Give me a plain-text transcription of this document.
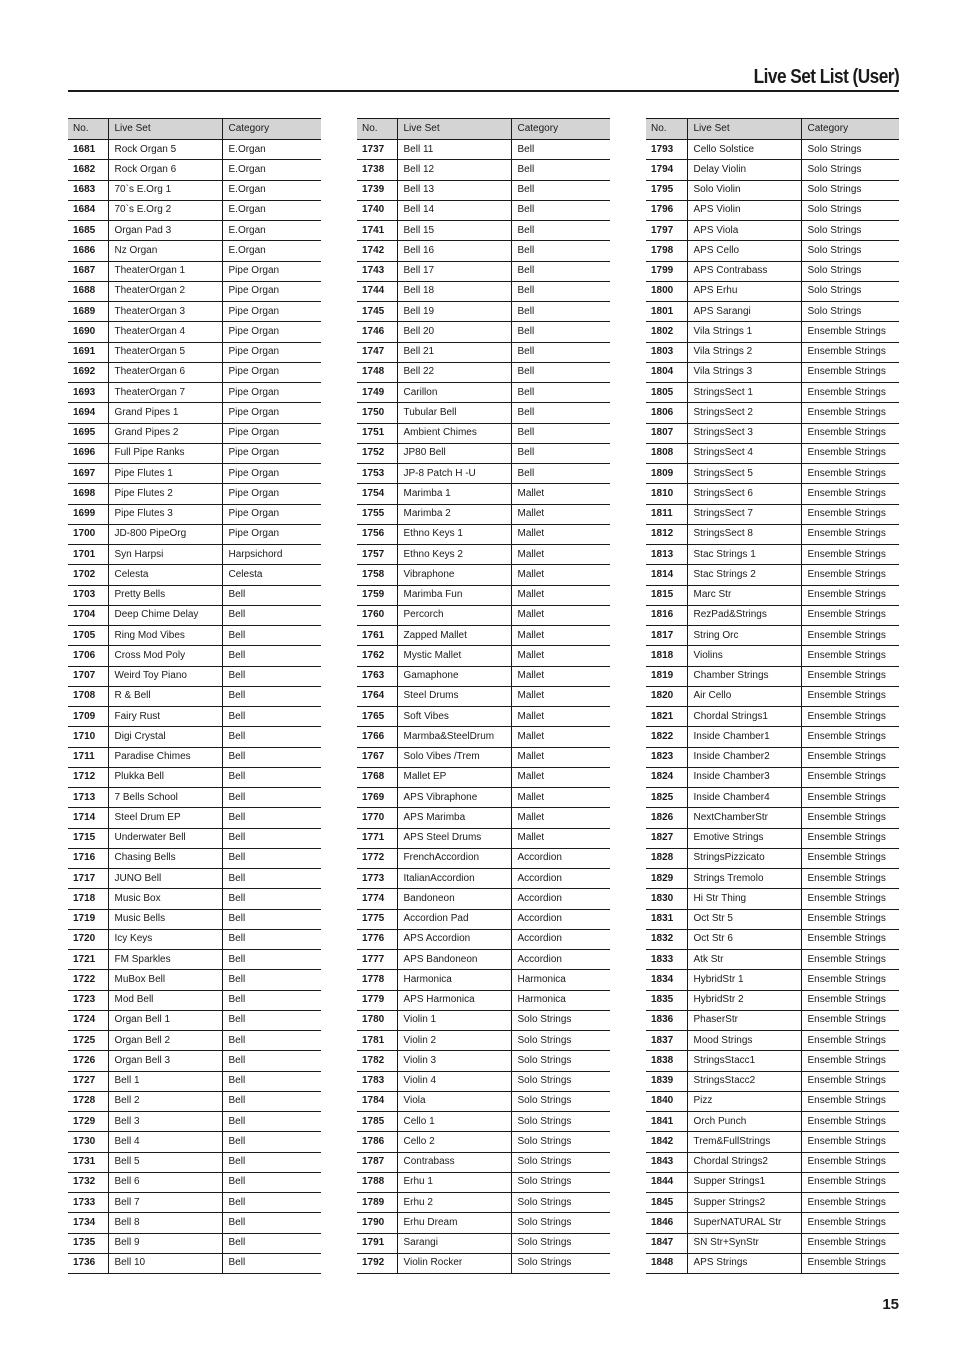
Live Set List (User)
No.	Live Set	Category
1681	Rock Organ 5	E.Organ
1682	Rock Organ 6	E.Organ
1683	70`s E.Org 1	E.Organ
1684	70`s E.Org 2	E.Organ
1685	Organ Pad 3	E.Organ
1686	Nz Organ	E.Organ
1687	TheaterOrgan 1	Pipe Organ
1688	TheaterOrgan 2	Pipe Organ
1689	TheaterOrgan 3	Pipe Organ
1690	TheaterOrgan 4	Pipe Organ
1691	TheaterOrgan 5	Pipe Organ
1692	TheaterOrgan 6	Pipe Organ
1693	TheaterOrgan 7	Pipe Organ
1694	Grand Pipes 1	Pipe Organ
1695	Grand Pipes 2	Pipe Organ
1696	Full Pipe Ranks	Pipe Organ
1697	Pipe Flutes 1	Pipe Organ
1698	Pipe Flutes 2	Pipe Organ
1699	Pipe Flutes 3	Pipe Organ
1700	JD-800 PipeOrg	Pipe Organ
1701	Syn Harpsi	Harpsichord
1702	Celesta	Celesta
1703	Pretty Bells	Bell
1704	Deep Chime Delay	Bell
1705	Ring Mod Vibes	Bell
1706	Cross Mod Poly	Bell
1707	Weird Toy Piano	Bell
1708	R & Bell	Bell
1709	Fairy Rust	Bell
1710	Digi Crystal	Bell
1711	Paradise Chimes	Bell
1712	Plukka Bell	Bell
1713	7 Bells School	Bell
1714	Steel Drum EP	Bell
1715	Underwater Bell	Bell
1716	Chasing Bells	Bell
1717	JUNO Bell	Bell
1718	Music Box	Bell
1719	Music Bells	Bell
1720	Icy Keys	Bell
1721	FM Sparkles	Bell
1722	MuBox Bell	Bell
1723	Mod Bell	Bell
1724	Organ Bell 1	Bell
1725	Organ Bell 2	Bell
1726	Organ Bell 3	Bell
1727	Bell 1	Bell
1728	Bell 2	Bell
1729	Bell 3	Bell
1730	Bell 4	Bell
1731	Bell 5	Bell
1732	Bell 6	Bell
1733	Bell 7	Bell
1734	Bell 8	Bell
1735	Bell 9	Bell
1736	Bell 10	Bell
No.	Live Set	Category
1737	Bell 11	Bell
1738	Bell 12	Bell
1739	Bell 13	Bell
1740	Bell 14	Bell
1741	Bell 15	Bell
1742	Bell 16	Bell
1743	Bell 17	Bell
1744	Bell 18	Bell
1745	Bell 19	Bell
1746	Bell 20	Bell
1747	Bell 21	Bell
1748	Bell 22	Bell
1749	Carillon	Bell
1750	Tubular Bell	Bell
1751	Ambient Chimes	Bell
1752	JP80 Bell	Bell
1753	JP-8 Patch H -U	Bell
1754	Marimba 1	Mallet
1755	Marimba 2	Mallet
1756	Ethno Keys 1	Mallet
1757	Ethno Keys 2	Mallet
1758	Vibraphone	Mallet
1759	Marimba Fun	Mallet
1760	Percorch	Mallet
1761	Zapped Mallet	Mallet
1762	Mystic Mallet	Mallet
1763	Gamaphone	Mallet
1764	Steel Drums	Mallet
1765	Soft Vibes	Mallet
1766	Marmba&SteelDrum	Mallet
1767	Solo Vibes /Trem	Mallet
1768	Mallet EP	Mallet
1769	APS Vibraphone	Mallet
1770	APS Marimba	Mallet
1771	APS Steel Drums	Mallet
1772	FrenchAccordion	Accordion
1773	ItalianAccordion	Accordion
1774	Bandoneon	Accordion
1775	Accordion Pad	Accordion
1776	APS Accordion	Accordion
1777	APS Bandoneon	Accordion
1778	Harmonica	Harmonica
1779	APS Harmonica	Harmonica
1780	Violin 1	Solo Strings
1781	Violin 2	Solo Strings
1782	Violin 3	Solo Strings
1783	Violin 4	Solo Strings
1784	Viola	Solo Strings
1785	Cello 1	Solo Strings
1786	Cello 2	Solo Strings
1787	Contrabass	Solo Strings
1788	Erhu 1	Solo Strings
1789	Erhu 2	Solo Strings
1790	Erhu Dream	Solo Strings
1791	Sarangi	Solo Strings
1792	Violin Rocker	Solo Strings
No.	Live Set	Category
1793	Cello Solstice	Solo Strings
1794	Delay Violin	Solo Strings
1795	Solo Violin	Solo Strings
1796	APS Violin	Solo Strings
1797	APS Viola	Solo Strings
1798	APS Cello	Solo Strings
1799	APS Contrabass	Solo Strings
1800	APS Erhu	Solo Strings
1801	APS Sarangi	Solo Strings
1802	Vila Strings 1	Ensemble Strings
1803	Vila Strings 2	Ensemble Strings
1804	Vila Strings 3	Ensemble Strings
1805	StringsSect 1	Ensemble Strings
1806	StringsSect 2	Ensemble Strings
1807	StringsSect 3	Ensemble Strings
1808	StringsSect 4	Ensemble Strings
1809	StringsSect 5	Ensemble Strings
1810	StringsSect 6	Ensemble Strings
1811	StringsSect 7	Ensemble Strings
1812	StringsSect 8	Ensemble Strings
1813	Stac Strings 1	Ensemble Strings
1814	Stac Strings 2	Ensemble Strings
1815	Marc Str	Ensemble Strings
1816	RezPad&Strings	Ensemble Strings
1817	String Orc	Ensemble Strings
1818	Violins	Ensemble Strings
1819	Chamber Strings	Ensemble Strings
1820	Air Cello	Ensemble Strings
1821	Chordal Strings1	Ensemble Strings
1822	Inside Chamber1	Ensemble Strings
1823	Inside Chamber2	Ensemble Strings
1824	Inside Chamber3	Ensemble Strings
1825	Inside Chamber4	Ensemble Strings
1826	NextChamberStr	Ensemble Strings
1827	Emotive Strings	Ensemble Strings
1828	StringsPizzicato	Ensemble Strings
1829	Strings Tremolo	Ensemble Strings
1830	Hi Str Thing	Ensemble Strings
1831	Oct Str 5	Ensemble Strings
1832	Oct Str 6	Ensemble Strings
1833	Atk Str	Ensemble Strings
1834	HybridStr 1	Ensemble Strings
1835	HybridStr 2	Ensemble Strings
1836	PhaserStr	Ensemble Strings
1837	Mood Strings	Ensemble Strings
1838	StringsStacc1	Ensemble Strings
1839	StringsStacc2	Ensemble Strings
1840	Pizz	Ensemble Strings
1841	Orch Punch	Ensemble Strings
1842	Trem&FullStrings	Ensemble Strings
1843	Chordal Strings2	Ensemble Strings
1844	Supper Strings1	Ensemble Strings
1845	Supper Strings2	Ensemble Strings
1846	SuperNATURAL Str	Ensemble Strings
1847	SN Str+SynStr	Ensemble Strings
1848	APS Strings	Ensemble Strings
15
